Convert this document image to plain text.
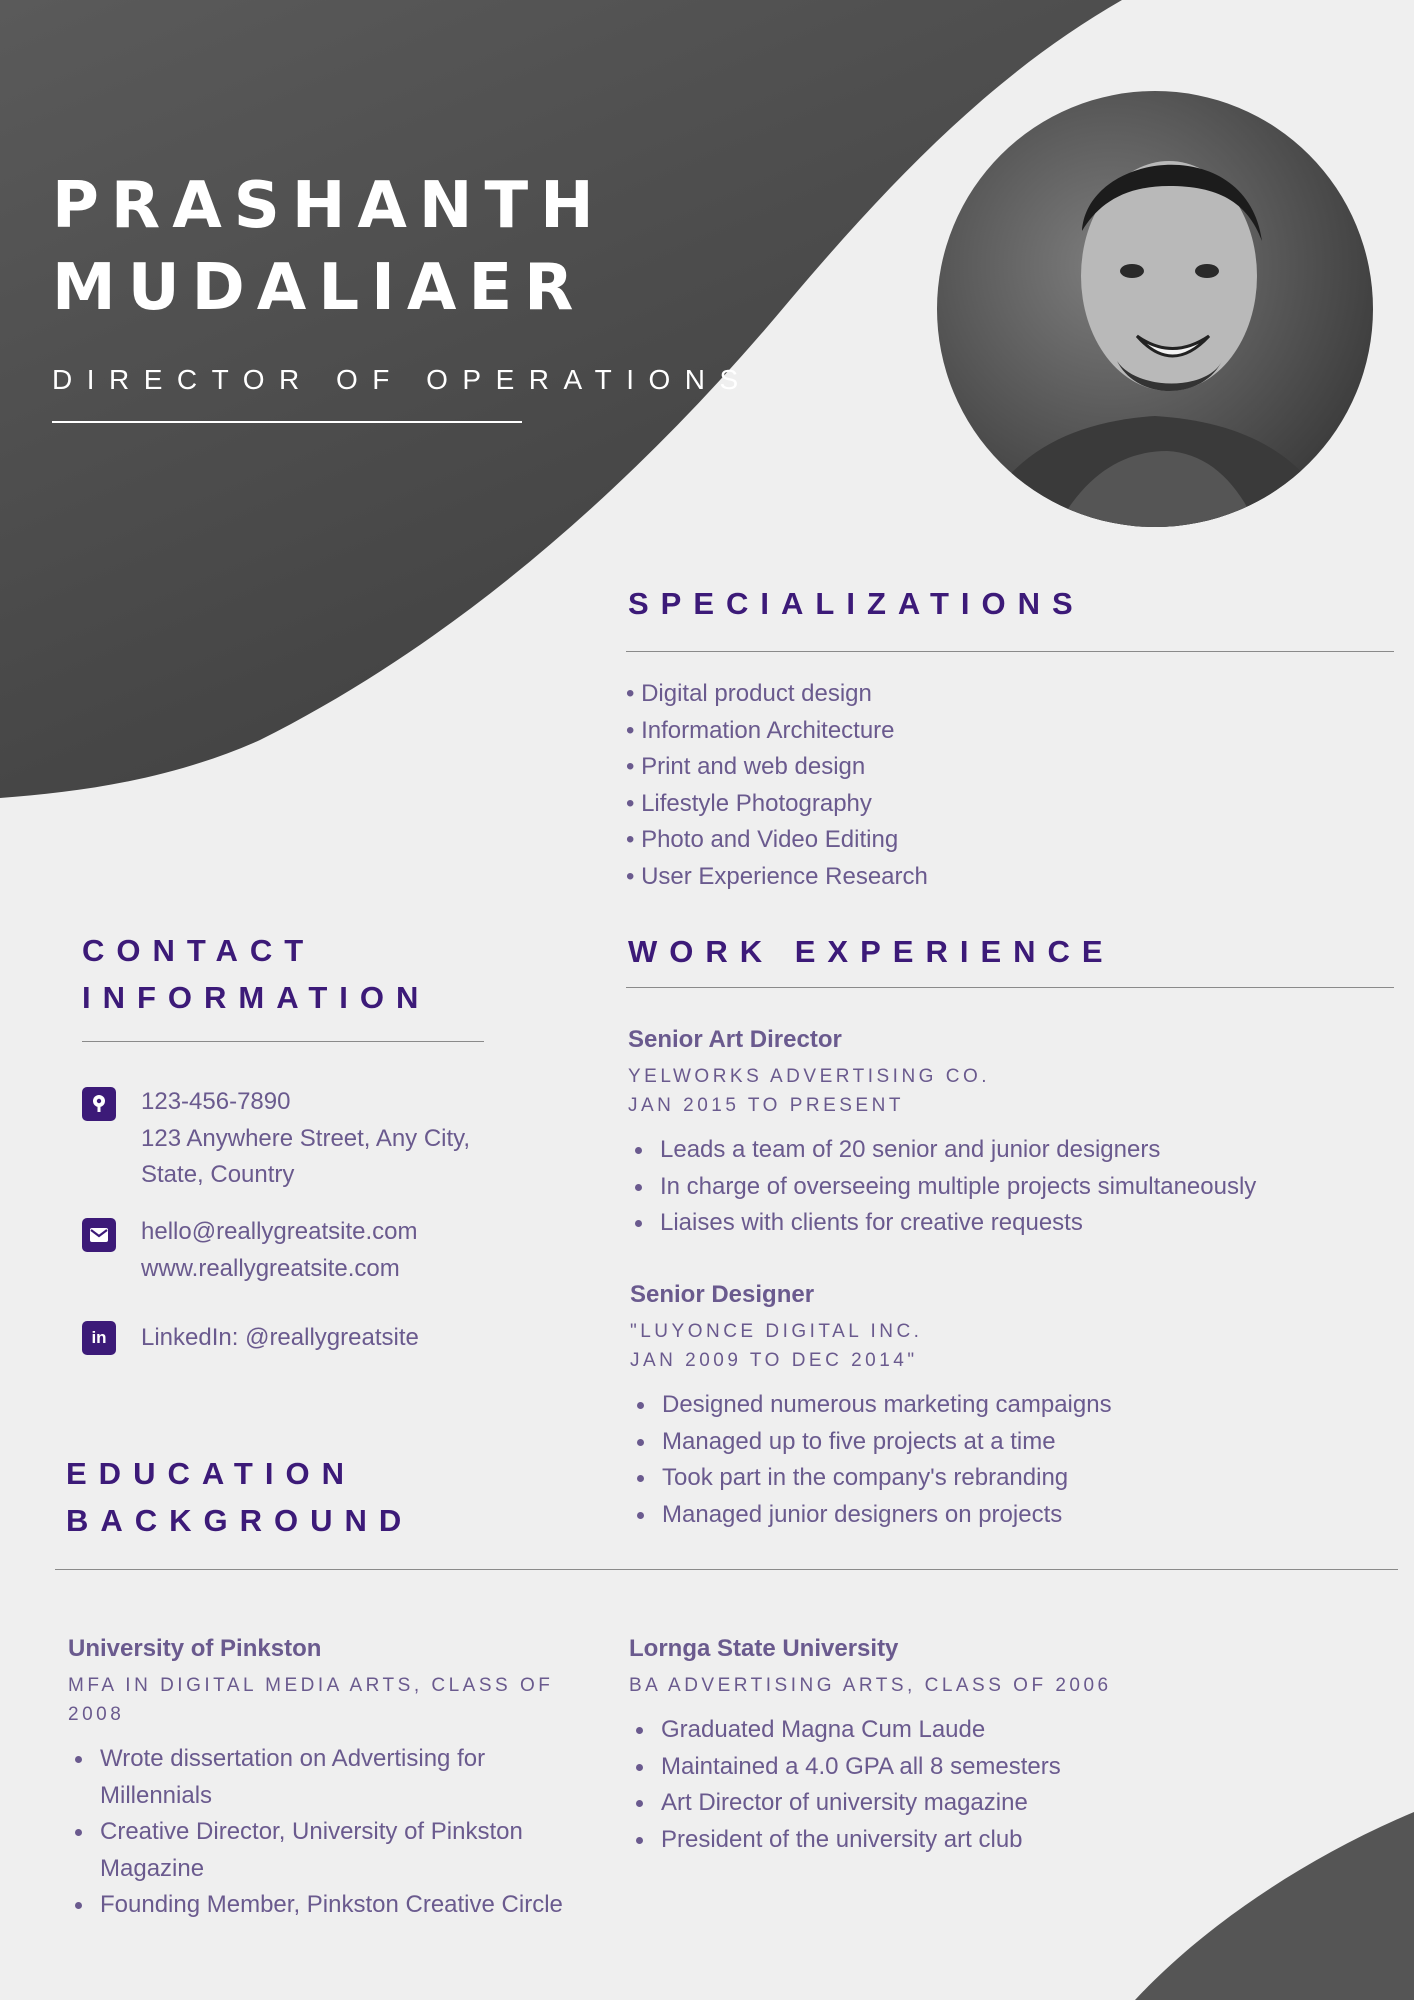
PRASHANTH
MUDALIAER
DIRECTOR OF OPERATIONS
SPECIALIZATIONS
• Digital product design
• Information Architecture
• Print and web design
• Lifestyle Photography
• Photo and Video Editing
• User Experience Research
CONTACT
INFORMATION
123-456-7890
123 Anywhere Street, Any City,
State, Country
hello@reallygreatsite.com
www.reallygreatsite.com
in LinkedIn: @reallygreatsite
WORK EXPERIENCE
Senior Art Director
YELWORKS ADVERTISING CO.
JAN 2015 TO PRESENT
Leads a team of 20 senior and junior designers
In charge of overseeing multiple projects simultaneously
Liaises with clients for creative requests
Senior Designer
"LUYONCE DIGITAL INC.
JAN 2009 TO DEC 2014"
Designed numerous marketing campaigns
Managed up to five projects at a time
Took part in the company's rebranding
Managed junior designers on projects
EDUCATION
BACKGROUND
University of Pinkston
MFA IN DIGITAL MEDIA ARTS, CLASS OF
2008
Wrote dissertation on Advertising for Millennials
Creative Director, University of Pinkston Magazine
Founding Member, Pinkston Creative Circle
Lornga State University
BA ADVERTISING ARTS, CLASS OF 2006
Graduated Magna Cum Laude
Maintained a 4.0 GPA all 8 semesters
Art Director of university magazine
President of the university art club
